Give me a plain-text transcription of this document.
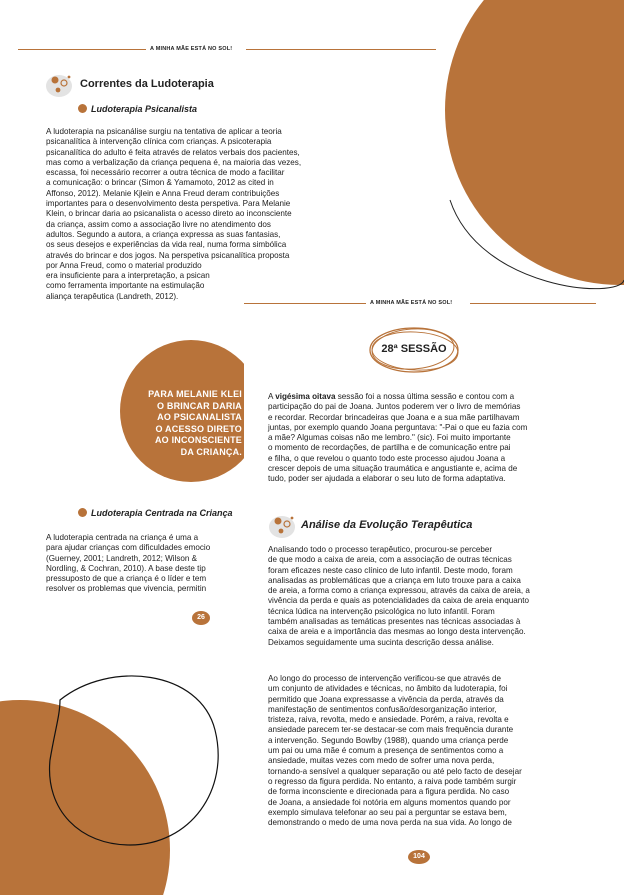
A MINHA MÃE ESTÁ NO SOL!
Correntes da Ludoterapia
Ludoterapia Psicanalista
A ludoterapia na psicanálise surgiu na tentativa de aplicar a teoria
psicanalítica à intervenção clínica com crianças. A psicoterapia
psicanalítica do adulto é feita através de relatos verbais dos pacientes,
mas como a verbalização da criança pequena é, na maioria das vezes,
escassa, foi necessário recorrer a outra técnica de modo a facilitar
a comunicação: o brincar (Simon & Yamamoto, 2012 as cited in
Affonso, 2012). Melanie Kjlein e Anna Freud deram contribuições
importantes para o desenvolvimento desta perspetiva. Para Melanie
Klein, o brincar daria ao psicanalista o acesso direto ao inconsciente
da criança, assim como a associação livre no atendimento dos
adultos. Segundo a autora, a criança expressa as suas fantasias,
os seus desejos e experiências da vida real, numa forma simbólica
através do brincar e dos jogos. Na perspetiva psicanalítica proposta
por Anna Freud, como o material produzido
era insuficiente para a interpretação, a psican
como ferramenta importante na estimulação
aliança terapêutica (Landreth, 2012).
PARA MELANIE KLEI
O BRINCAR DARIA
AO PSICANALISTA
O ACESSO DIRETO
AO INCONSCIENTE
DA CRIANÇA.
Ludoterapia Centrada na Criança
A ludoterapia centrada na criança é uma a
para ajudar crianças com dificuldades emocio
(Guerney, 2001; Landreth, 2012; Wilson &
Nordling, & Cochran, 2010). A base deste tip
pressuposto de que a criança é o líder e tem
resolver os problemas que vivencia, permitin
26
A MINHA MÃE ESTÁ NO SOL!
28ª SESSÃO
A vigésima oitava sessão foi a nossa última sessão e contou com a
participação do pai de Joana. Juntos poderem ver o livro de memórias
e recordar. Recordar brincadeiras que Joana e a sua mãe partilhavam
juntas, por exemplo quando Joana perguntava: "-Pai o que eu fazia com
a mãe? Algumas coisas não me lembro." (sic). Foi muito importante
o momento de recordações, de partilha e de comunicação entre pai
e filha, o que revelou o quanto todo este processo ajudou Joana a
crescer depois de uma situação traumática e angustiante e, acima de
tudo, poder ser ajudada a elaborar o seu luto de forma adaptativa.
Análise da Evolução Terapêutica
Analisando todo o processo terapêutico, procurou-se perceber
de que modo a caixa de areia, com a associação de outras técnicas
foram eficazes neste caso clínico de luto infantil. Deste modo, foram
analisadas as problemáticas que a criança em luto trouxe para a caixa
de areia, a forma como a criança expressou, através da caixa de areia, a
vivência da perda e quais as potencialidades da caixa de areia enquanto
técnica lúdica na intervenção psicológica no luto infantil. Foram
também analisadas as temáticas presentes nas técnicas associadas à
caixa de areia e a importância das mesmas ao longo desta intervenção.
Deixamos seguidamente uma sucinta descrição dessa análise.
Ao longo do processo de intervenção verificou-se que através de
um conjunto de atividades e técnicas, no âmbito da ludoterapia, foi
permitido que Joana expressasse a vivência da perda, através da
manifestação de sentimentos confusão/desorganização interior,
tristeza, raiva, revolta, medo e ansiedade. Porém, a raiva, revolta e
ansiedade parecem ter-se destacar-se com mais frequência durante
a intervenção. Segundo Bowlby (1988), quando uma criança perde
um pai ou uma mãe é comum a presença de sentimentos como a
ansiedade, muitas vezes com medo de sofrer uma nova perda,
tornando-a sensível a qualquer separação ou até pelo facto de desejar
o regresso da figura perdida. No entanto, a raiva pode também surgir
de forma inconsciente e direcionada para a figura perdida. No caso
de Joana, a ansiedade foi notória em alguns momentos quando por
exemplo simulava telefonar ao seu pai a perguntar se estava bem,
demonstrando o medo de uma nova perda na sua vida. Ao longo de
104
